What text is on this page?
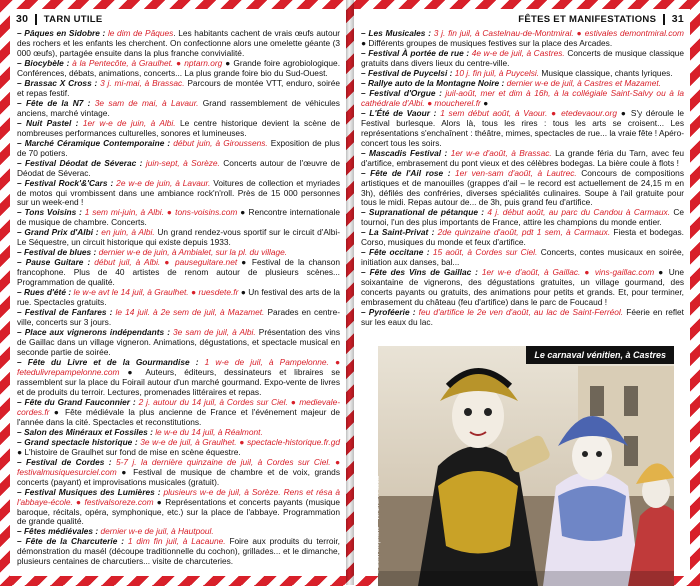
30 TARN UTILE

– Pâques en Sidobre : le dim de Pâques. Les habitants cachent de vrais œufs autour des rochers et les enfants les cherchent. On confectionne alors une omelette géante (3 000 œufs), partagée ensuite dans la plus franche convivialité.

– Biocybèle : à la Pentecôte, à Graulhet. ● nptarn.org ● Grande foire agrobiologique. Conférences, débats, animations, concerts... La plus grande foire bio du Sud-Ouest.

– Brassac X Cross : 3 j. mi-mai, à Brassac. Parcours de montée VTT, enduro, soirée et repas festif.

– Fête de la N7 : 3e sam de mai, à Lavaur. Grand rassemblement de véhicules anciens, marché vintage.

– Nuit Pastel : 1er w-e de juin, à Albi. Le centre historique devient la scène de nombreuses performances culturelles, sonores et lumineuses.

– Marché Céramique Contemporaine : début juin, à Giroussens. Exposition de plus de 70 potiers.

– Festival Déodat de Séverac : juin-sept, à Sorèze. Concerts autour de l'œuvre de Déodat de Séverac.

– Festival Rock'&'Cars : 2e w-e de juin, à Lavaur. Voitures de collection et myriades de motos qui vrombissent dans une ambiance rock'n'roll. Près de 15 000 personnes sur un week-end !

– Tons Voisins : 1 sem mi-juin, à Albi. ● tons-voisins.com ● Rencontre internationale de musique de chambre. Concerts.

– Grand Prix d'Albi : en juin, à Albi. Un grand rendez-vous sportif sur le circuit d'Albi-Le Séquestre, un circuit historique qui existe depuis 1933.

– Festival de blues : dernier w-e de juin, à Ambialet, sur la pl. du village.

– Pause Guitare : début juil, à Albi. ● pauseguitare.net ● Festival de la chanson francophone. Plus de 40 artistes de renom autour de plusieurs scènes... Programmation de qualité.

– Rues d'été : le w-e avt le 14 juil, à Graulhet. ● ruesdete.fr ● Un festival des arts de la rue. Spectacles gratuits.

– Festival de Fanfares : le 14 juil. à 2e sem de juil, à Mazamet. Parades en centre-ville, concerts sur 3 jours.

– Place aux vignerons indépendants : 3e sam de juil, à Albi. Présentation des vins de Gaillac dans un village vigneron. Animations, dégustations, et spectacle musical en seconde partie de soirée.

– Fête du Livre et de la Gourmandise : 1 w-e de juil, à Pampelonne. ● fetedulivrepampelonne.com ● Auteurs, éditeurs, dessinateurs et libraires se rassemblent sur la place du Foirail autour d'un marché gourmand. Expo-vente de livres et de produits du terroir. Lectures, promenades littéraires et repas.

– Fête du Grand Fauconnier : 2 j. autour du 14 juil, à Cordes sur Ciel. ● medievale-cordes.fr ● Fête médiévale la plus ancienne de France et l'événement majeur de l'année dans la cité. Spectacles et reconstitutions.

– Salon des Minéraux et Fossiles : le w-e du 14 juil, à Réalmont.

– Grand spectacle historique : 3e w-e de juil, à Graulhet. ● spectacle-historique.fr.gd ● L'histoire de Graulhet sur fond de mise en scène équestre.

– Festival de Cordes : 5-7 j. la dernière quinzaine de juil, à Cordes sur Ciel. ● festivalmusiquesurciel.com ● Festival de musique de chambre et de voix, grands concerts (payant) et improvisations musicales (gratuit).

– Festival Musiques des Lumières : plusieurs w-e de juil, à Sorèze. Rens et résa à l'abbaye-école. ● festivalsoreze.com ● Représentations et concerts payants (musique baroque, récitals, opéra, symphonique, etc.) sur la place de l'abbaye. Programmation de grande qualité.

– Fêtes médiévales : dernier w-e de juil, à Hautpoul.

– Fête de la Charcuterie : 1 dim fin juil, à Lacaune. Foire aux produits du terroir, démonstration du masél (découpe traditionnelle du cochon), grillades... et le dimanche, plusieurs centaines de charcutiers... visite de charcuteries.

FÊTES ET MANIFESTATIONS 31

– Les Musicales : 3 j. fin juil, à Castelnau-de-Montmiral. ● estivales demontmiral.com ● Différents groupes de musiques festives sur la place des Arcades.

– Festival À portée de rue : 4e w-e de juil, à Castres. Concerts de musique classique gratuits dans divers lieux du centre-ville.

– Festival de Puycelsi : 10 j. fin juil, à Puycelsi. Musique classique, chants lyriques.

– Rallye auto de la Montagne Noire : dernier w-e de juil, à Castres et Mazamet.

– Festival d'Orgue : juil-août, mer et dim à 16h, à la collégiale Saint-Salvy ou à la cathédrale d'Albi. ● moucherel.fr ●

– L'Été de Vaour : 1 sem début août, à Vaour. ● etedevaour.org ● S'y déroule le Festival burlesque. Alors là, tous les rires : tous les arts se croisent... Les représentations s'enchaînent : théâtre, mimes, spectacles de rue... la vraie fête ! Apéro-concert tous les soirs.

– Mascadis Festival : 1er w-e d'août, à Brassac. La grande féria du Tarn, avec feu d'artifice, embrasement du pont vieux et des célèbres bodegas. La bière coule à flots !

– Fête de l'Ail rose : 1er ven-sam d'août, à Lautrec. Concours de compositions artistiques et de manouilles (grappes d'ail – le record est actuellement de 24,15 m en 3h), défilés des confréries, diverses spécialités culinaires. Soupe à l'ail gratuite pour tous le midi. Repas autour de... de 3h, puis grand feu d'artifice.

– Supranational de pétanque : 4 j. début août, au parc du Candou à Carmaux. Ce tournoi, l'un des plus importants de France, attire les champions du monde entier.

– La Saint-Privat : 2de quinzaine d'août, pdt 1 sem, à Carmaux. Fiesta et bodegas. Corso, musiques du monde et feux d'artifice.

– Fête occitane : 15 août, à Cordes sur Ciel. Concerts, contes musicaux en soirée, initiation aux danses, bal...

– Fête des Vins de Gaillac : 1er w-e d'août, à Gaillac. ● vins-gaillac.com ● Une soixantaine de vignerons, des dégustations gratuites, un village gourmand, des concerts payants ou gratuits, des animations pour petits et grands. Et, pour terminer, embrasement du château (feu d'artifice) dans le parc de Foucaud !

– Pyroféerie : feu d'artifice le 2e ven d'août, au lac de Saint-Ferréol. Féerie en reflet sur les eaux du lac.

Le carnaval vénitien, à Castres
© Bohn Stéphane – WALTER Pascal
